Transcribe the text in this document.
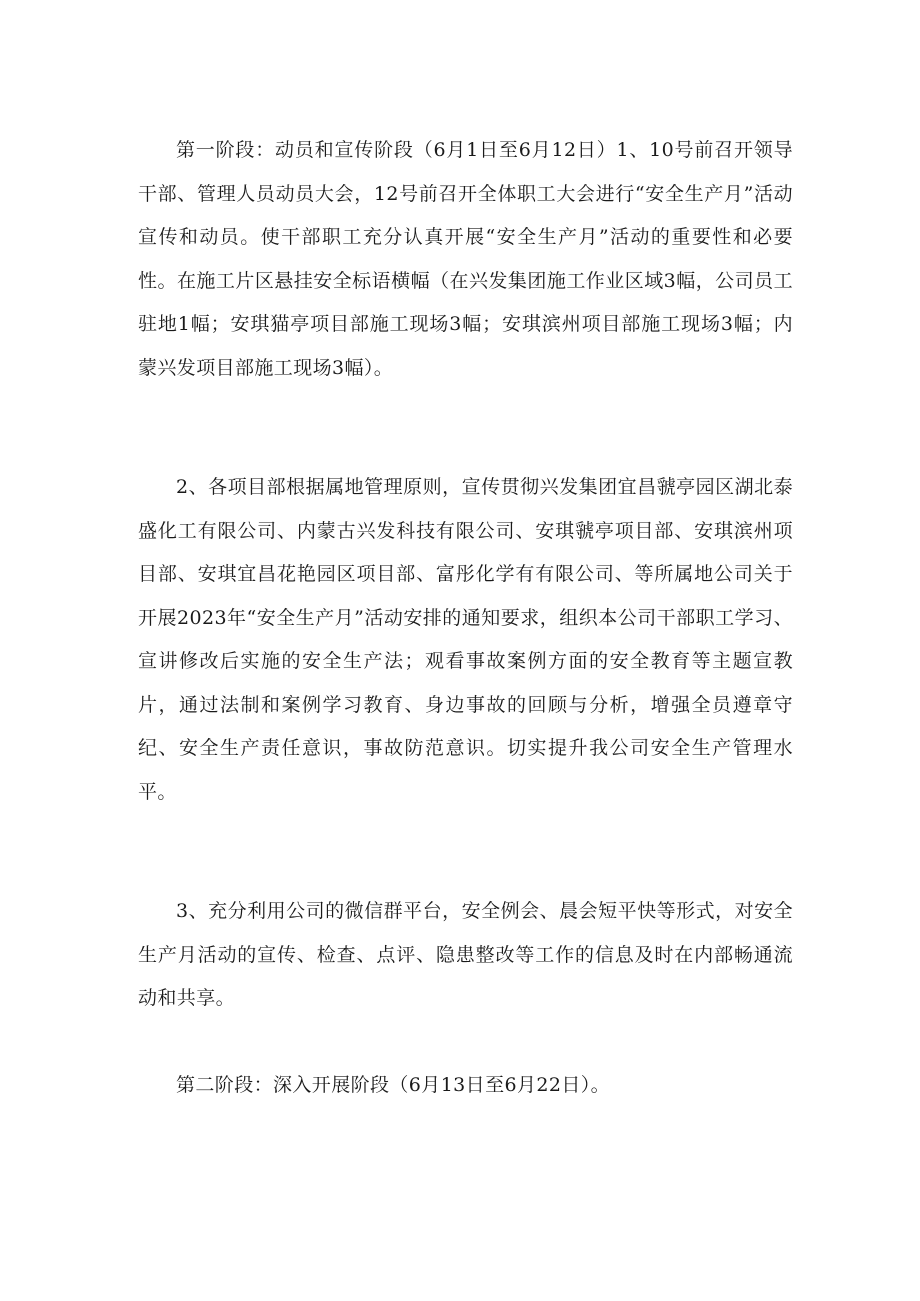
第一阶段：动员和宣传阶段（6月1日至6月12日）1、10号前召开领导干部、管理人员动员大会，12号前召开全体职工大会进行“安全生产月”活动宣传和动员。使干部职工充分认真开展“安全生产月”活动的重要性和必要性。在施工片区悬挂安全标语横幅（在兴发集团施工作业区域3幅，公司员工驻地1幅；安琪猫亭项目部施工现场3幅；安琪滨州项目部施工现场3幅；内蒙兴发项目部施工现场3幅）。

2、各项目部根据属地管理原则，宣传贯彻兴发集团宜昌虢亭园区湖北泰盛化工有限公司、内蒙古兴发科技有限公司、安琪虢亭项目部、安琪滨州项目部、安琪宜昌花艳园区项目部、富彤化学有有限公司、等所属地公司关于开展2023年“安全生产月”活动安排的通知要求，组织本公司干部职工学习、宣讲修改后实施的安全生产法；观看事故案例方面的安全教育等主题宣教片，通过法制和案例学习教育、身边事故的回顾与分析，增强全员遵章守纪、安全生产责任意识，事故防范意识。切实提升我公司安全生产管理水平。

3、充分利用公司的微信群平台，安全例会、晨会短平快等形式，对安全生产月活动的宣传、检查、点评、隐患整改等工作的信息及时在内部畅通流动和共享。

第二阶段：深入开展阶段（6月13日至6月22日）。
